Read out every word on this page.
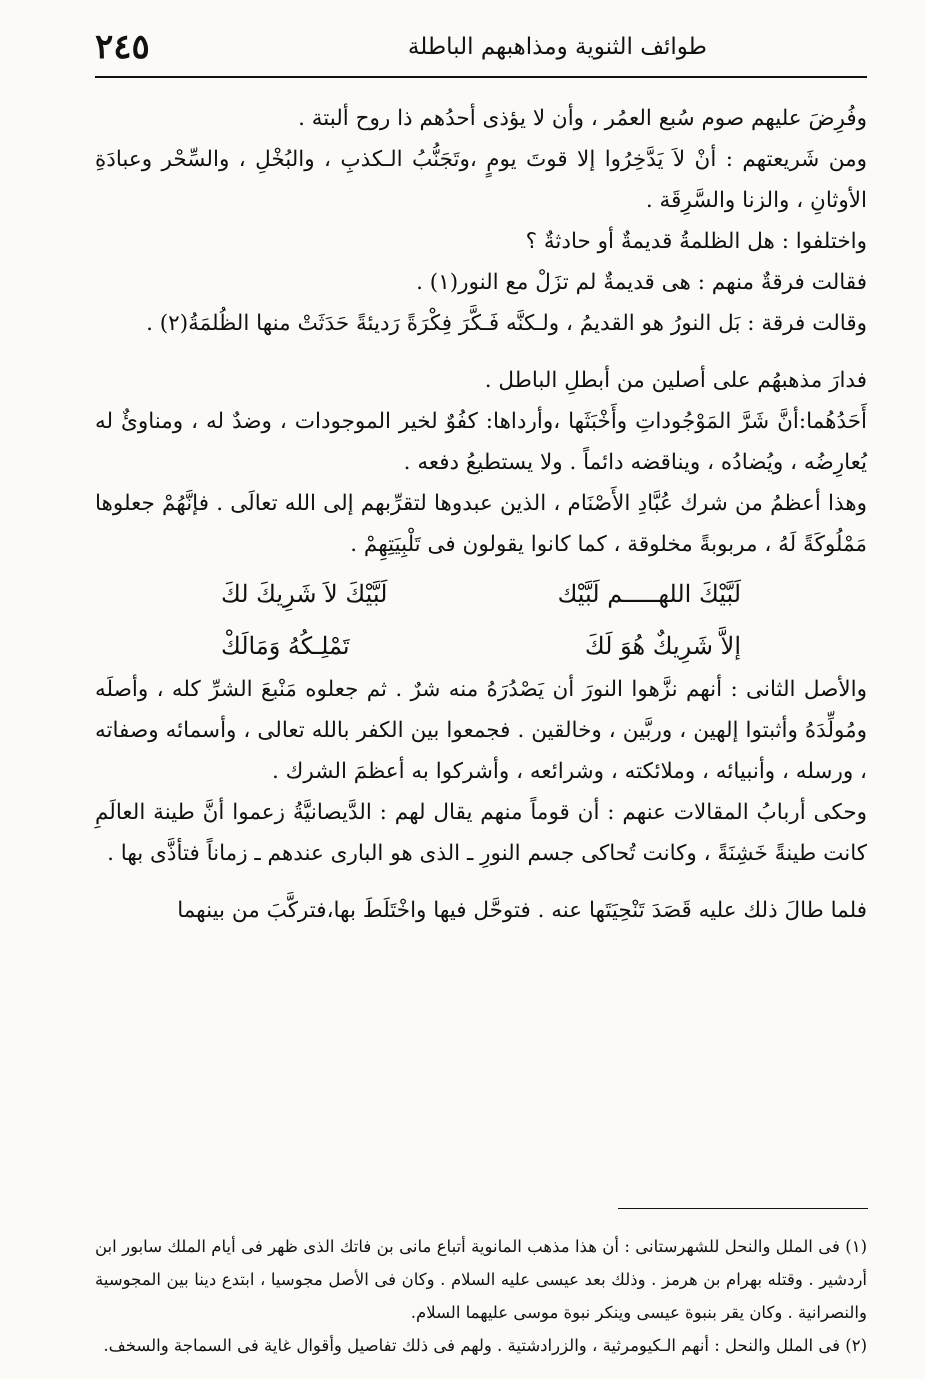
٢٤٥	طوائف الثنوية ومذاهبهم الباطلة

وفُرِضَ عليهم صوم سُبع العمُر ، وأن لا يؤذى أحدُهم ذا روح ألبتة .

ومن شَريعتهم : أنْ لاَ يَدَّخِرُوا إلا قوتَ يومٍ ،وتَجَنُّبُ الـكذبِ ، والبُخْلِ ، والسِّحْر وعبادَةِ الأوثانِ ، والزنا والسَّرِقَة .

واختلفوا : هل الظلمةُ قديمةٌ أو حادثةٌ ؟

فقالت فرقةٌ منهم : هى قديمةٌ لم تزَلْ مع النور(١) .

وقالت فرقة : بَل النورُ هو القديمُ ، ولـكنَّه فَـكَّرَ فِكْرَةً رَديئةً حَدَثَتْ منها الظُلمَةُ(٢) .

فدارَ مذهبهُم على أصلين من أبطلِ الباطل .

أَحَدُهُما:أنَّ شَرَّ المَوْجُوداتِ وأَخْبَثَها ،وأرداها: كفُوٌ لخير الموجودات ، وضدٌ له ، ومناوئٌ له يُعارِضُه ، ويُضادُه ، ويناقضه دائماً . ولا يستطيعُ دفعه .

وهذا أعظمُ من شرك عُبَّادِ الأَصْنَام ، الذين عبدوها لتقرِّبهم إلى الله تعالَى . فإنَّهُمْ جعلوها مَمْلُوكَةً لَهُ ، مربوبةً مخلوقة ، كما كانوا يقولون فى تَلْبِيَتِهِمْ .

لَبَّيْكَ اللهـــــم لَبَّيْك
لَبَّيْكَ لاَ شَرِيكَ لكَ
إلاَّ شَرِيكٌ هُوَ لَكَ
تَمْلِـكُهُ وَمَالَكْ

والأصل الثانى : أنهم نزَّهوا النورَ أن يَصْدُرَهُ منه شرٌ . ثم جعلوه مَنْبعَ الشرِّ كله ، وأصلَه ومُولِّدَهُ وأثبتوا إلهين ، وربَّين ، وخالقين . فجمعوا بين الكفر بالله تعالى ، وأسمائه وصفاته ، ورسله ، وأنبيائه ، وملائكته ، وشرائعه ، وأشركوا به أعظمَ الشرك .

وحكى أربابُ المقالات عنهم : أن قوماً منهم يقال لهم : الدَّيصانيَّةُ زعموا أنَّ طينة العالَمِ كانت طينةً خَشِنَةً ، وكانت تُحاكى جسم النورِ ـ الذى هو البارى عندهم ـ زماناً فتأذَّى بها .

فلما طالَ ذلك عليه قَصَدَ تَنْحِيَتَها عنه . فتوحَّل فيها واخْتَلَطَ بها،فتركَّبَ من بينهما

(١) فى الملل والنحل للشهرستانى : أن هذا مذهب المانوية أتباع مانى بن فاتك الذى ظهر فى أيام الملك سابور ابن أردشير . وقتله بهرام بن هرمز . وذلك بعد عيسى عليه السلام . وكان فى الأصل مجوسيا ، ابتدع دينا بين المجوسية والنصرانية . وكان يقر بنبوة عيسى وينكر نبوة موسى عليهما السلام.

(٢) فى الملل والنحل : أنهم الـكيومرثية ، والزرادشتية . ولهم فى ذلك تفاصيل وأقوال غاية فى السماجة والسخف.
